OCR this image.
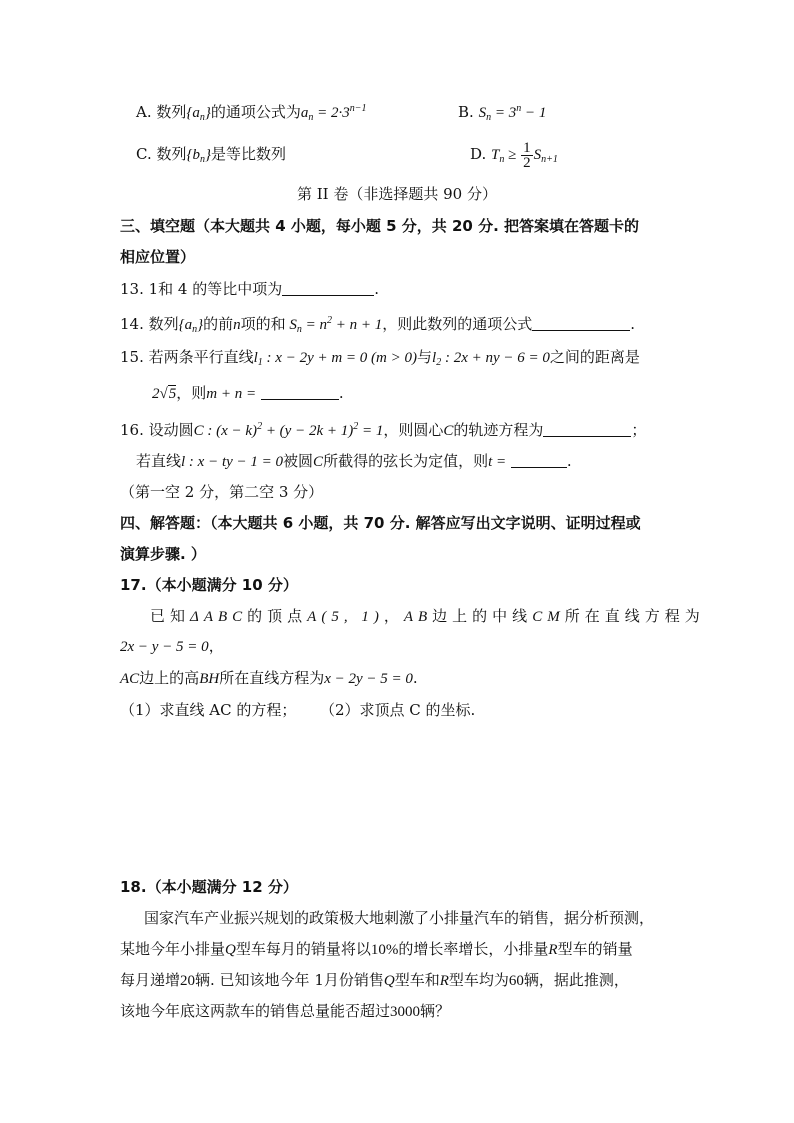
A. 数列$\{a_n\}$的通项公式为$a_n = 2\cdot 3^{n-1}$	B. $S_n = 3^n - 1$
C. 数列$\{b_n\}$是等比数列	D. $T_n \ge \frac{1}{2} S_{n+1}$
第 II 卷（非选择题共 90 分）
三、填空题（本大题共 4 小题，每小题 5 分，共 20 分. 把答案填在答题卡的
相应位置）
13. 1和 4 的等比中项为	.
14. 数列$\{a_n\}$的前n项的和 $S_n = n^2 + n + 1$，则此数列的通项公式	.
15. 若两条平行直线$l_1$ : x − 2y + m = 0 (m > 0)与$l_2$ : 2x + ny − 6 = 0之间的距离是
2√5，则m + n =	.
16. 设动圆C : $(x - k)^2 + (y - 2k + 1)^2 = 1$，则圆心C的轨迹方程为	；
若直线l : x − ty − 1 = 0被圆C所截得的弦长为定值，则t =	.
（第一空 2 分，第二空 3 分）
四、解答题：（本大题共 6 小题，共 70 分. 解答应写出文字说明、证明过程或
演算步骤. ）
17.（本小题满分 10 分）
已知ΔABC的顶点A(5, 1)，AB边上的中线CM所在直线方程为
2x − y − 5 = 0，
AC边上的高BH所在直线方程为x − 2y − 5 = 0.
（1）求直线 AC 的方程； （2）求顶点 C 的坐标.
18.（本小题满分 12 分）
国家汽车产业振兴规划的政策极大地刺激了小排量汽车的销售，据分析预测，
某地今年小排量Q型车每月的销量将以10%的增长率增长，小排量R型车的销量
每月递增20辆. 已知该地今年 1月份销售Q型车和R型车均为60辆，据此推测，
该地今年底这两款车的销售总量能否超过3000辆？
